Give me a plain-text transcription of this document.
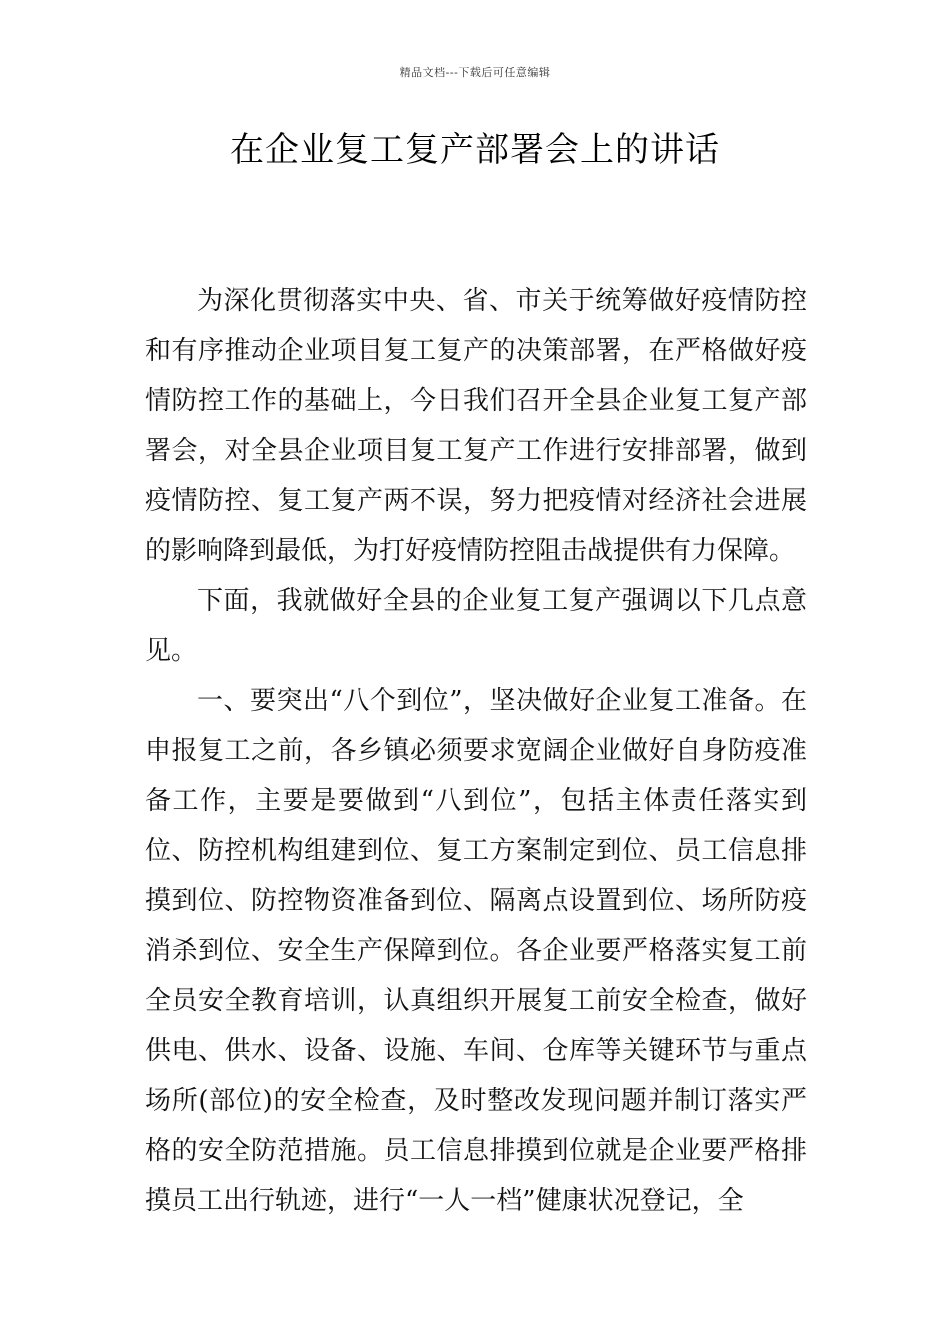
精品文档---下载后可任意编辑
在企业复工复产部署会上的讲话

为深化贯彻落实中央、省、市关于统筹做好疫情防控和有序推动企业项目复工复产的决策部署，在严格做好疫情防控工作的基础上，今日我们召开全县企业复工复产部署会，对全县企业项目复工复产工作进行安排部署，做到疫情防控、复工复产两不误，努力把疫情对经济社会进展的影响降到最低，为打好疫情防控阻击战提供有力保障。

下面，我就做好全县的企业复工复产强调以下几点意见。

一、要突出“八个到位”，坚决做好企业复工准备。在申报复工之前，各乡镇必须要求宽阔企业做好自身防疫准备工作，主要是要做到“八到位”，包括主体责任落实到位、防控机构组建到位、复工方案制定到位、员工信息排摸到位、防控物资准备到位、隔离点设置到位、场所防疫消杀到位、安全生产保障到位。各企业要严格落实复工前全员安全教育培训，认真组织开展复工前安全检查，做好供电、供水、设备、设施、车间、仓库等关键环节与重点场所(部位)的安全检查，及时整改发现问题并制订落实严格的安全防范措施。员工信息排摸到位就是企业要严格排摸员工出行轨迹，进行“一人一档”健康状况登记，全
